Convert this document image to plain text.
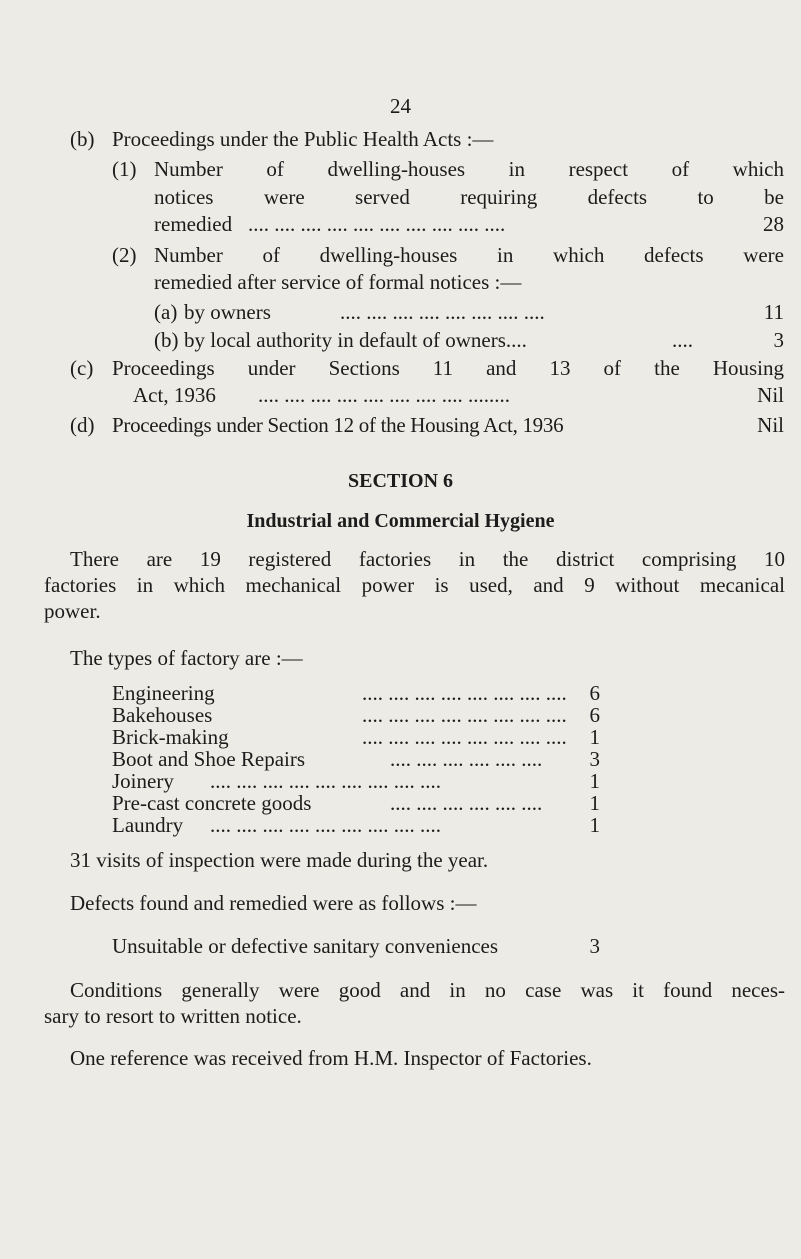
24
(b) Proceedings under the Public Health Acts :—
(1) Number of dwelling-houses in respect of which
notices were served requiring defects to be
remedied .... .... .... .... .... .... .... .... .... ....	28
(2) Number of dwelling-houses in which defects were
remedied after service of formal notices :—
(a) by owners	.... .... .... .... .... .... .... ....	11
(b) by local authority in default of owners....	....	3
(c) Proceedings under Sections 11 and 13 of the Housing
Act, 1936 .... .... .... .... .... .... .... .... ........	Nil
(d) Proceedings under Section 12 of the Housing Act, 1936	Nil
SECTION 6
Industrial and Commercial Hygiene
There are 19 registered factories in the district comprising 10
factories in which mechanical power is used, and 9 without mecanical
power.
The types of factory are :—
Engineering	.... .... .... .... .... .... .... ....	6
Bakehouses	.... .... .... .... .... .... .... ....	6
Brick-making	.... .... .... .... .... .... .... ....	1
Boot and Shoe Repairs	.... .... .... .... .... ....	3
Joinery .... .... .... .... .... .... .... .... ....	1
Pre-cast concrete goods	.... .... .... .... .... ....	1
Laundry .... .... .... .... .... .... .... .... ....	1
31 visits of inspection were made during the year.
Defects found and remedied were as follows :—
Unsuitable or defective sanitary conveniences	3
Conditions generally were good and in no case was it found neces-
sary to resort to written notice.
One reference was received from H.M. Inspector of Factories.
